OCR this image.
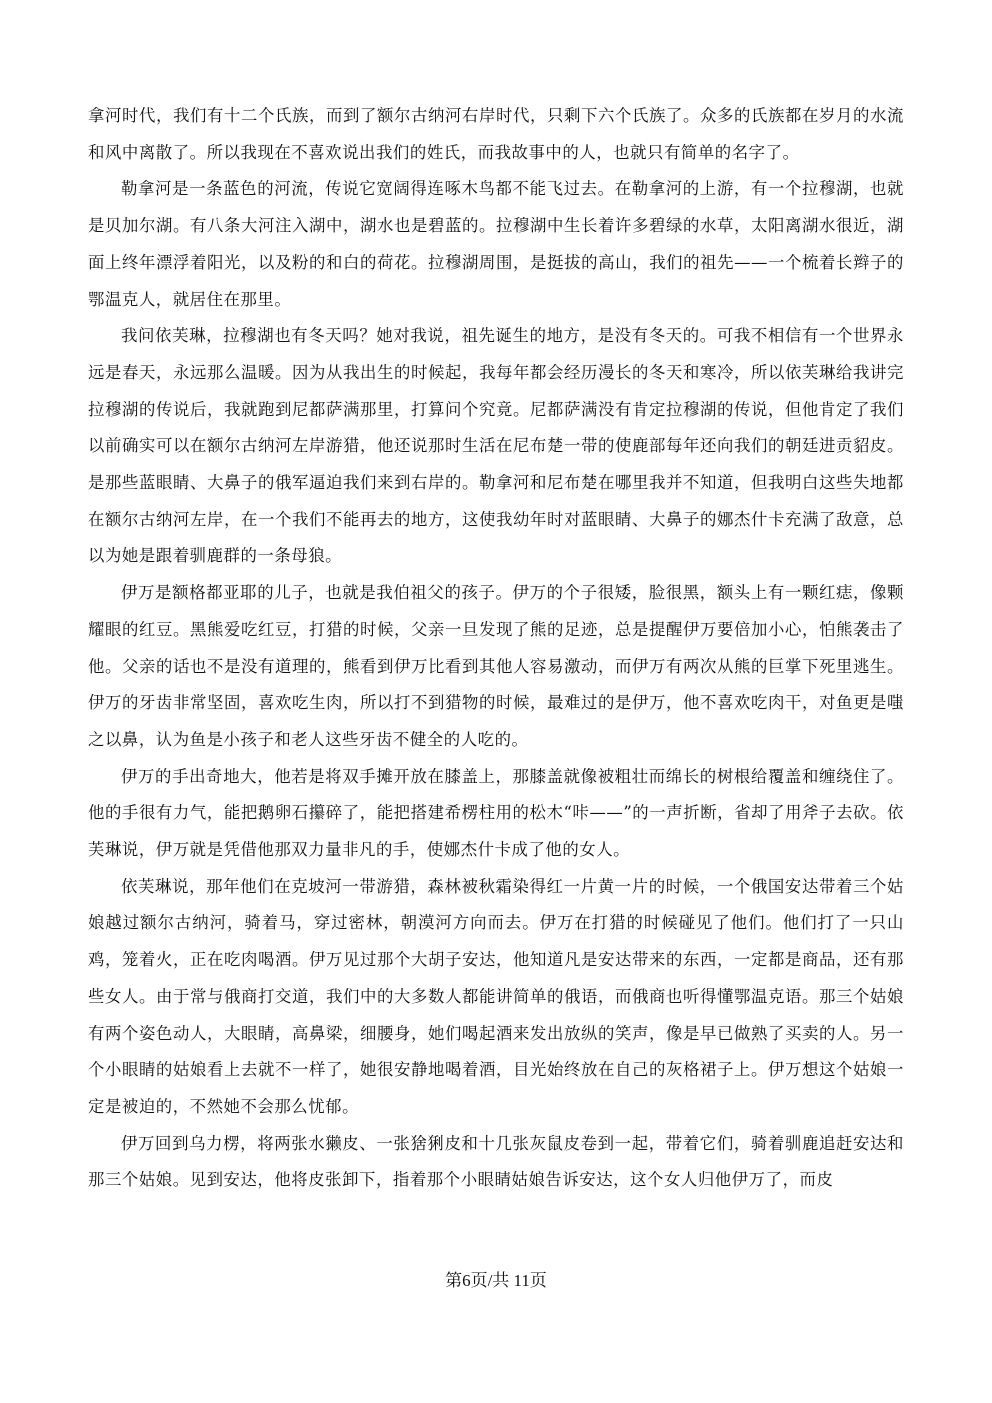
拿河时代，我们有十二个氏族，而到了额尔古纳河右岸时代，只剩下六个氏族了。众多的氏族都在岁月的水流和风中离散了。所以我现在不喜欢说出我们的姓氏，而我故事中的人，也就只有简单的名字了。

勒拿河是一条蓝色的河流，传说它宽阔得连啄木鸟都不能飞过去。在勒拿河的上游，有一个拉穆湖，也就是贝加尔湖。有八条大河注入湖中，湖水也是碧蓝的。拉穆湖中生长着许多碧绿的水草，太阳离湖水很近，湖面上终年漂浮着阳光，以及粉的和白的荷花。拉穆湖周围，是挺拔的高山，我们的祖先——一个梳着长辫子的鄂温克人，就居住在那里。

我问依芙琳，拉穆湖也有冬天吗？她对我说，祖先诞生的地方，是没有冬天的。可我不相信有一个世界永远是春天，永远那么温暖。因为从我出生的时候起，我每年都会经历漫长的冬天和寒冷，所以依芙琳给我讲完拉穆湖的传说后，我就跑到尼都萨满那里，打算问个究竟。尼都萨满没有肯定拉穆湖的传说，但他肯定了我们以前确实可以在额尔古纳河左岸游猎，他还说那时生活在尼布楚一带的使鹿部每年还向我们的朝廷进贡貂皮。是那些蓝眼睛、大鼻子的俄军逼迫我们来到右岸的。勒拿河和尼布楚在哪里我并不知道，但我明白这些失地都在额尔古纳河左岸，在一个我们不能再去的地方，这使我幼年时对蓝眼睛、大鼻子的娜杰什卡充满了敌意，总以为她是跟着驯鹿群的一条母狼。

伊万是额格都亚耶的儿子，也就是我伯祖父的孩子。伊万的个子很矮，脸很黑，额头上有一颗红痣，像颗耀眼的红豆。黑熊爱吃红豆，打猎的时候，父亲一旦发现了熊的足迹，总是提醒伊万要倍加小心，怕熊袭击了他。父亲的话也不是没有道理的，熊看到伊万比看到其他人容易激动，而伊万有两次从熊的巨掌下死里逃生。伊万的牙齿非常坚固，喜欢吃生肉，所以打不到猎物的时候，最难过的是伊万，他不喜欢吃肉干，对鱼更是嗤之以鼻，认为鱼是小孩子和老人这些牙齿不健全的人吃的。

伊万的手出奇地大，他若是将双手摊开放在膝盖上，那膝盖就像被粗壮而绵长的树根给覆盖和缠绕住了。他的手很有力气，能把鹅卵石攥碎了，能把搭建希楞柱用的松木“咔——”的一声折断，省却了用斧子去砍。依芙琳说，伊万就是凭借他那双力量非凡的手，使娜杰什卡成了他的女人。

依芙琳说，那年他们在克坡河一带游猎，森林被秋霜染得红一片黄一片的时候，一个俄国安达带着三个姑娘越过额尔古纳河，骑着马，穿过密林，朝漠河方向而去。伊万在打猎的时候碰见了他们。他们打了一只山鸡，笼着火，正在吃肉喝酒。伊万见过那个大胡子安达，他知道凡是安达带来的东西，一定都是商品，还有那些女人。由于常与俄商打交道，我们中的大多数人都能讲简单的俄语，而俄商也听得懂鄂温克语。那三个姑娘有两个姿色动人，大眼睛，高鼻梁，细腰身，她们喝起酒来发出放纵的笑声，像是早已做熟了买卖的人。另一个小眼睛的姑娘看上去就不一样了，她很安静地喝着酒，目光始终放在自己的灰格裙子上。伊万想这个姑娘一定是被迫的，不然她不会那么忧郁。

伊万回到乌力楞，将两张水獭皮、一张猞猁皮和十几张灰鼠皮卷到一起，带着它们，骑着驯鹿追赶安达和那三个姑娘。见到安达，他将皮张卸下，指着那个小眼睛姑娘告诉安达，这个女人归他伊万了，而皮

第6页/共 11页
